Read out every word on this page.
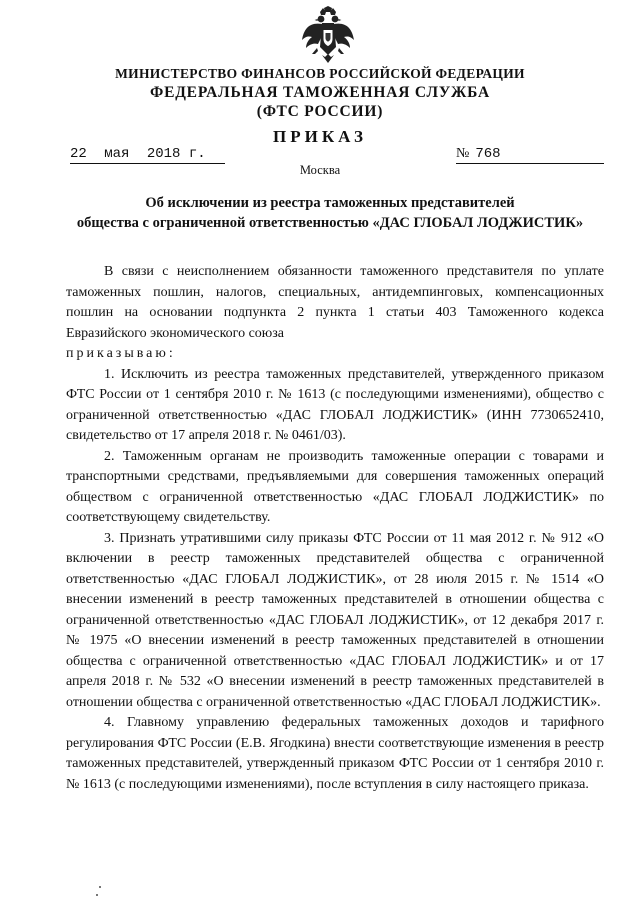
МИНИСТЕРСТВО ФИНАНСОВ РОССИЙСКОЙ ФЕДЕРАЦИИ
ФЕДЕРАЛЬНАЯ ТАМОЖЕННАЯ СЛУЖБА
(ФТС РОССИИ)
ПРИКАЗ
22 мая 2018 г.	№ 768
Москва
Об исключении из реестра таможенных представителей
общества с ограниченной ответственностью «ДАС ГЛОБАЛ ЛОДЖИСТИК»

В связи с неисполнением обязанности таможенного представителя по уплате таможенных пошлин, налогов, специальных, антидемпинговых, компенсационных пошлин на основании подпункта 2 пункта 1 статьи 403 Таможенного кодекса Евразийского экономического союза

приказываю:

1. Исключить из реестра таможенных представителей, утвержденного приказом ФТС России от 1 сентября 2010 г. № 1613 (с последующими изменениями), общество с ограниченной ответственностью «ДАС ГЛОБАЛ ЛОДЖИСТИК» (ИНН 7730652410, свидетельство от 17 апреля 2018 г. № 0461/03).

2. Таможенным органам не производить таможенные операции с товарами и транспортными средствами, предъявляемыми для совершения таможенных операций обществом с ограниченной ответственностью «ДАС ГЛОБАЛ ЛОДЖИСТИК» по соответствующему свидетельству.

3. Признать утратившими силу приказы ФТС России от 11 мая 2012 г. № 912 «О включении в реестр таможенных представителей общества с ограниченной ответственностью «ДАС ГЛОБАЛ ЛОДЖИСТИК», от 28 июля 2015 г. № 1514 «О внесении изменений в реестр таможенных представителей в отношении общества с ограниченной ответственностью «ДАС ГЛОБАЛ ЛОДЖИСТИК», от 12 декабря 2017 г. № 1975 «О внесении изменений в реестр таможенных представителей в отношении общества с ограниченной ответственностью «ДАС ГЛОБАЛ ЛОДЖИСТИК» и от 17 апреля 2018 г. № 532 «О внесении изменений в реестр таможенных представителей в отношении общества с ограниченной ответственностью «ДАС ГЛОБАЛ ЛОДЖИСТИК».

4. Главному управлению федеральных таможенных доходов и тарифного регулирования ФТС России (Е.В. Ягодкина) внести соответствующие изменения в реестр таможенных представителей, утвержденный приказом ФТС России от 1 сентября 2010 г. № 1613 (с последующими изменениями), после вступления в силу настоящего приказа.
